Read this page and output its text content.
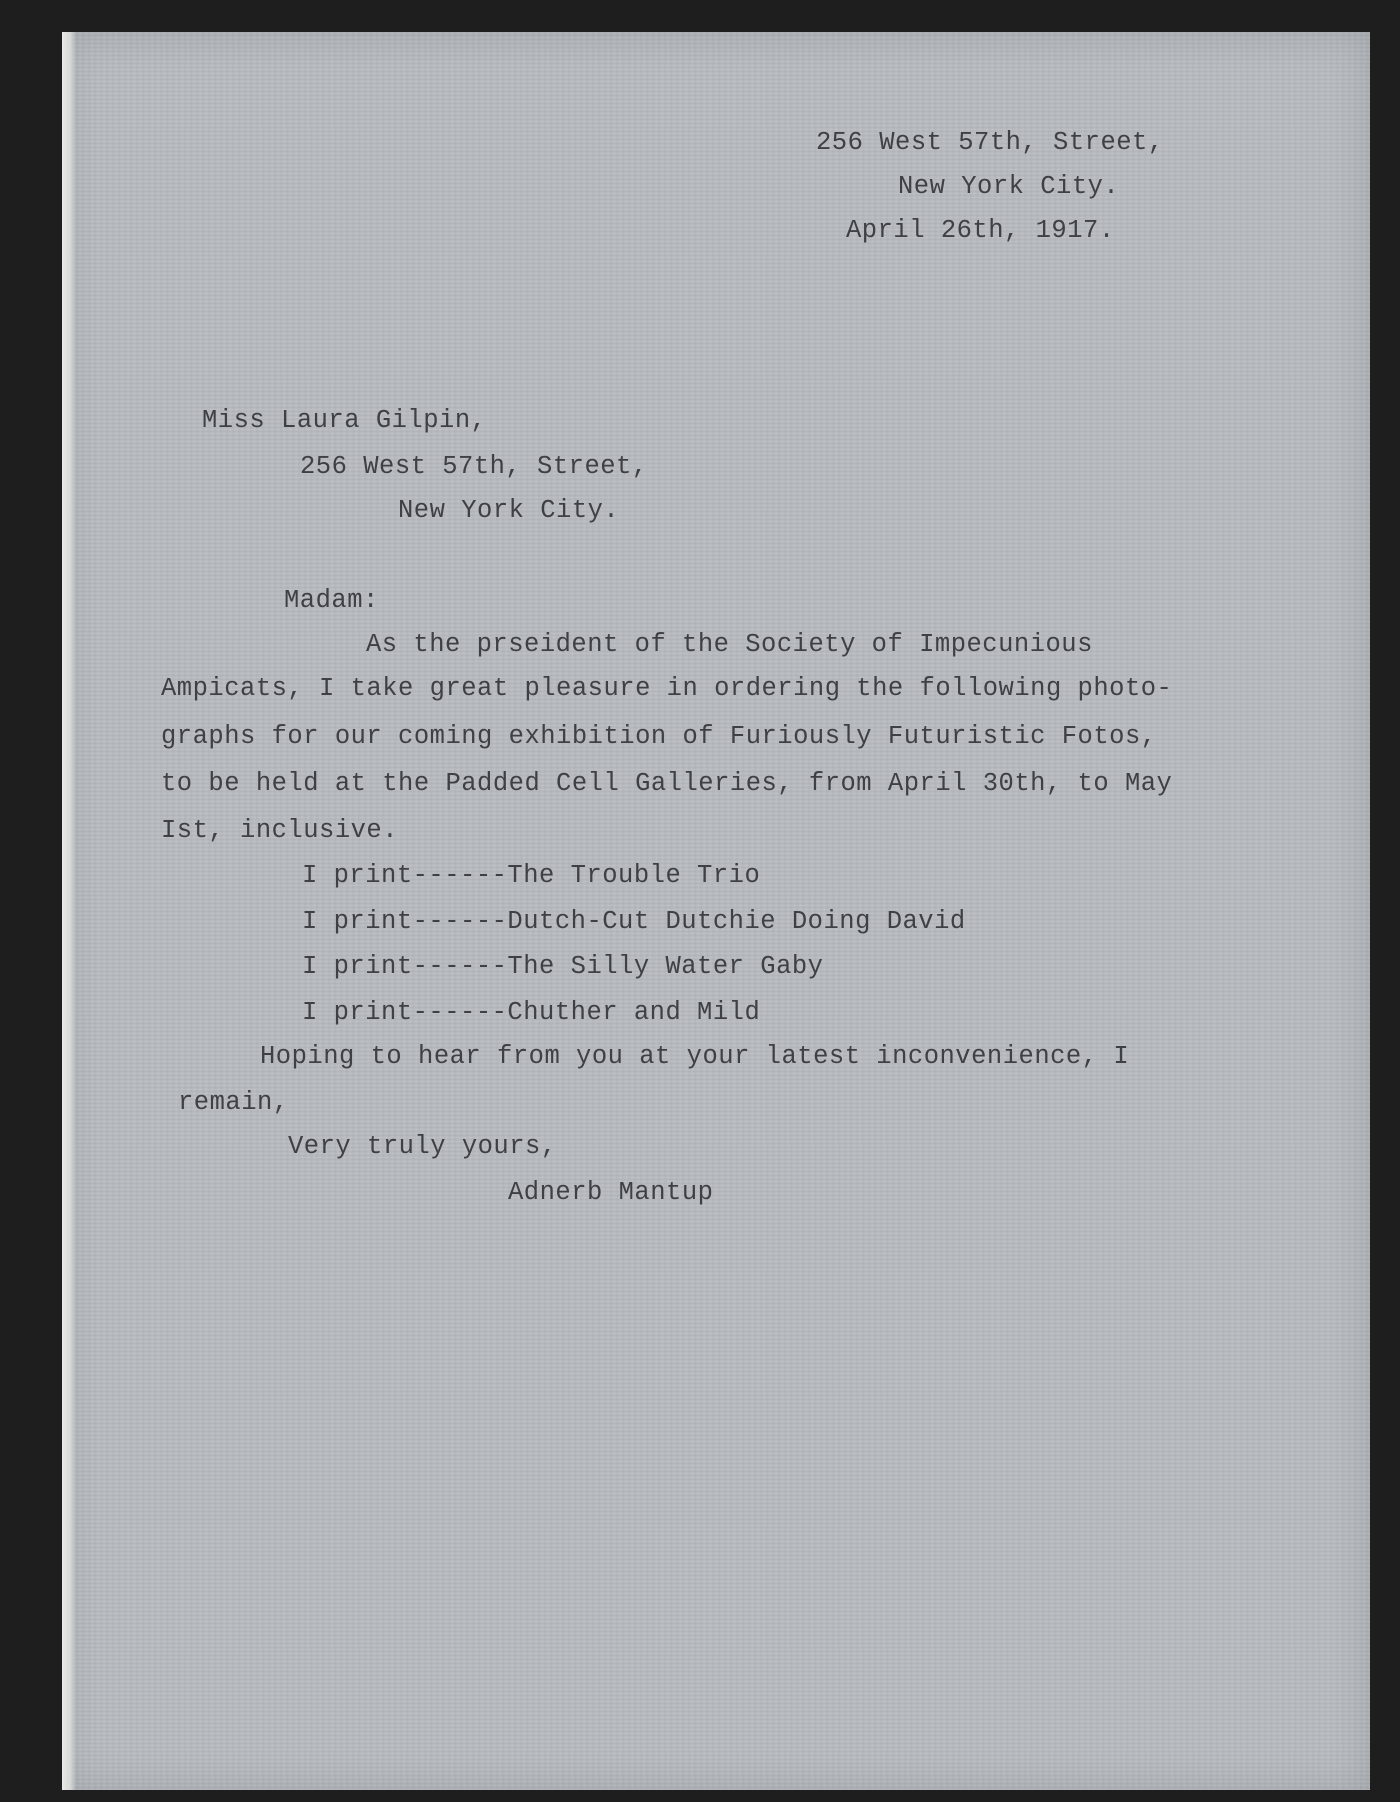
256 West 57th, Street,

New York City.

April 26th, 1917.

Miss Laura Gilpin,

256 West 57th, Street,

New York City.

Madam:

As the prseident of the Society of Impecunious

Ampicats, I take great pleasure in ordering the following photo-

graphs for our coming exhibition of Furiously Futuristic Fotos,

to be held at the Padded Cell Galleries, from April 30th, to May

Ist, inclusive.

I print------The Trouble Trio

I print------Dutch-Cut Dutchie Doing David

I print------The Silly Water Gaby

I print------Chuther and Mild

Hoping to hear from you at your latest inconvenience, I

remain,

Very truly yours,

Adnerb Mantup
